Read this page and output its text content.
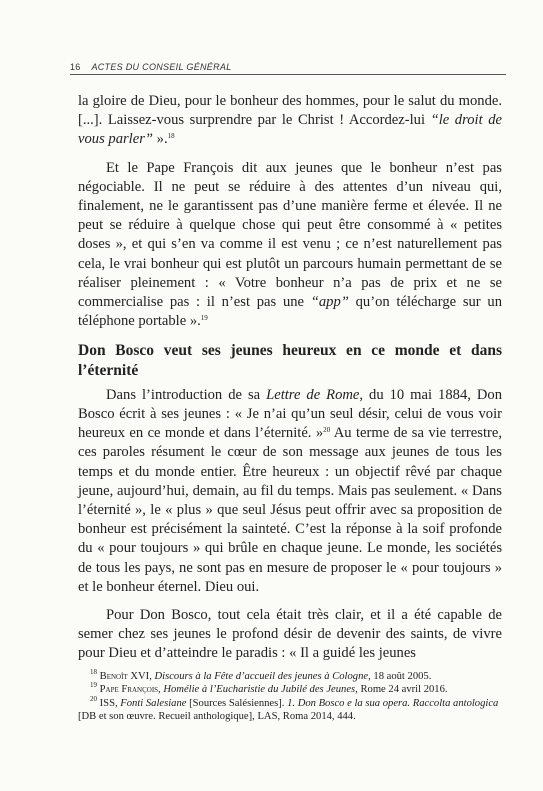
16 ACTES DU CONSEIL GÉNÉRAL

la gloire de Dieu, pour le bonheur des hommes, pour le salut du monde. [...]. Laissez-vous surprendre par le Christ ! Accordez-lui “le droit de vous parler” ».$^{18}$

Et le Pape François dit aux jeunes que le bonheur n’est pas négociable. Il ne peut se réduire à des attentes d’un niveau qui, finalement, ne le garantissent pas d’une manière ferme et élevée. Il ne peut se réduire à quelque chose qui peut être consommé à « petites doses », et qui s’en va comme il est venu ; ce n’est naturellement pas cela, le vrai bonheur qui est plutôt un parcours humain permettant de se réaliser pleinement : « Votre bonheur n’a pas de prix et ne se commercialise pas : il n’est pas une “app” qu’on télécharge sur un téléphone portable ».$^{19}$

Don Bosco veut ses jeunes heureux en ce monde et dans l’éternité

Dans l’introduction de sa Lettre de Rome, du 10 mai 1884, Don Bosco écrit à ses jeunes : « Je n’ai qu’un seul désir, celui de vous voir heureux en ce monde et dans l’éternité. »$^{20}$ Au terme de sa vie terrestre, ces paroles résument le cœur de son message aux jeunes de tous les temps et du monde entier. Être heureux : un objectif rêvé par chaque jeune, aujourd’hui, demain, au fil du temps. Mais pas seulement. « Dans l’éternité », le « plus » que seul Jésus peut offrir avec sa proposition de bonheur est précisément la sainteté. C’est la réponse à la soif profonde du « pour toujours » qui brûle en chaque jeune. Le monde, les sociétés de tous les pays, ne sont pas en mesure de proposer le « pour toujours » et le bonheur éternel. Dieu oui.

Pour Don Bosco, tout cela était très clair, et il a été capable de semer chez ses jeunes le profond désir de devenir des saints, de vivre pour Dieu et d’atteindre le paradis : « Il a guidé les jeunes

$^{18}$ Benoît XVI, Discours à la Fête d’accueil des jeunes à Cologne, 18 août 2005.

$^{19}$ Pape François, Homélie à l’Eucharistie du Jubilé des Jeunes, Rome 24 avril 2016.

$^{20}$ ISS, Fonti Salesiane [Sources Salésiennes]. 1. Don Bosco e la sua opera. Raccolta antologica [DB et son œuvre. Recueil anthologique], LAS, Roma 2014, 444.
